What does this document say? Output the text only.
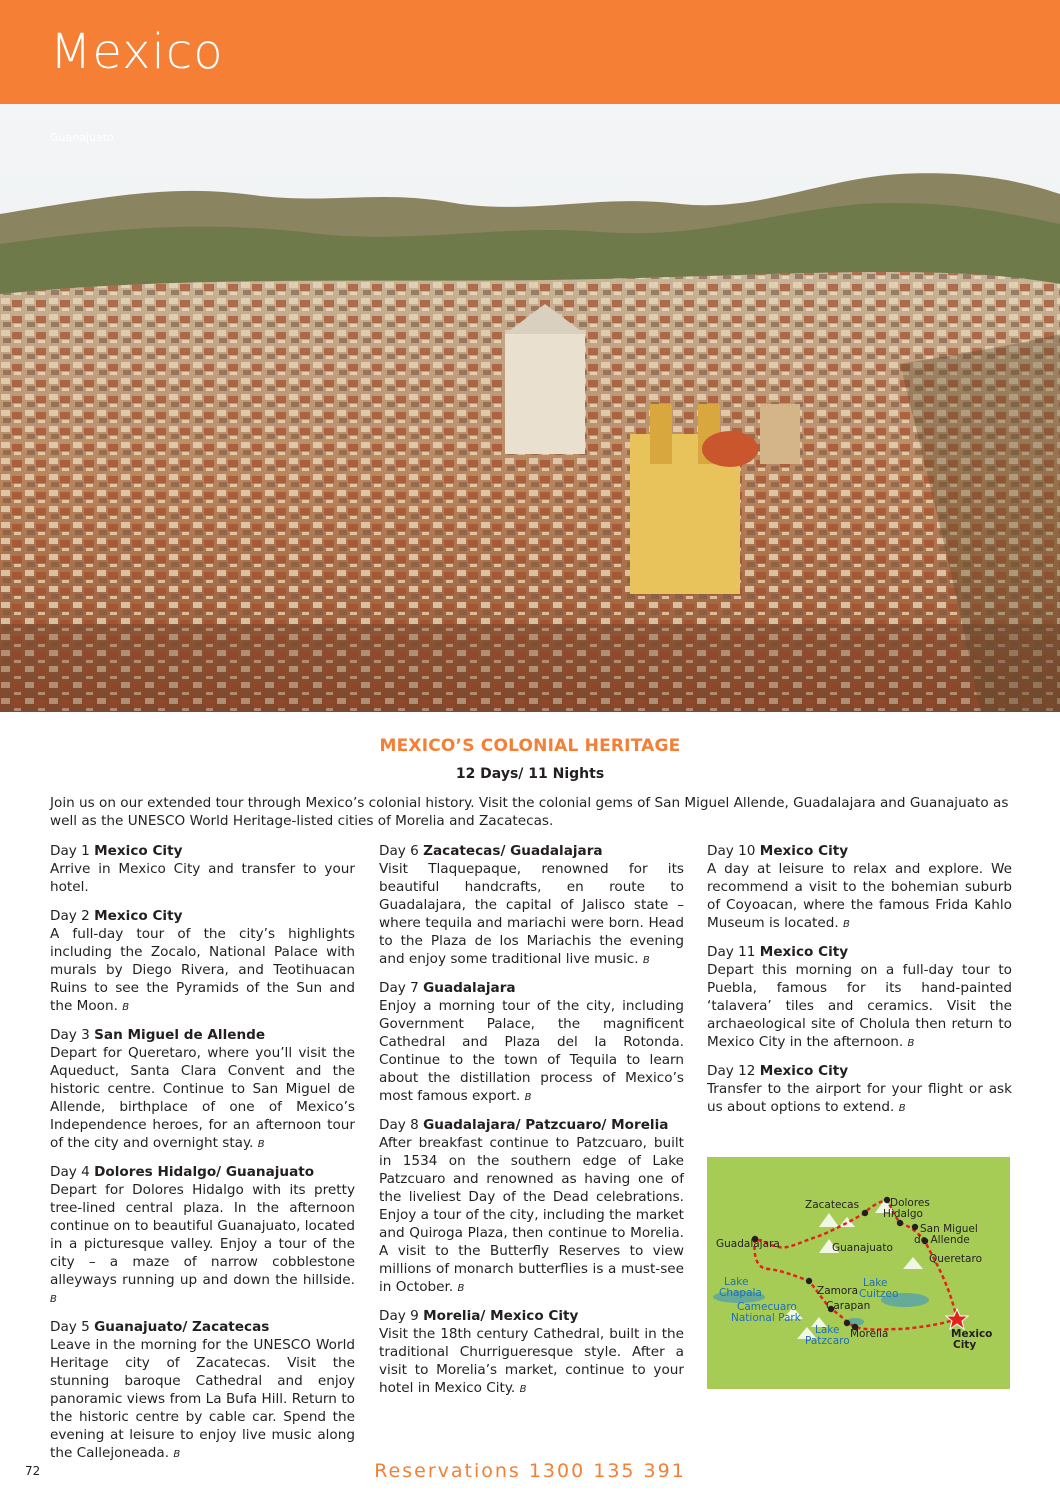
Mexico
Guanajuato
MEXICO’S COLONIAL HERITAGE
12 Days/ 11 Nights
Join us on our extended tour through Mexico’s colonial history. Visit the colonial gems of San Miguel Allende, Guadalajara and Guanajuato as well as the UNESCO World Heritage-listed cities of Morelia and Zacatecas.

Day 1 Mexico City

Arrive in Mexico City and transfer to your hotel.

Day 2 Mexico City

A full-day tour of the city’s highlights including the Zocalo, National Palace with murals by Diego Rivera, and Teotihuacan Ruins to see the Pyramids of the Sun and the Moon. B

Day 3 San Miguel de Allende

Depart for Queretaro, where you’ll visit the Aqueduct, Santa Clara Convent and the historic centre. Continue to San Miguel de Allende, birthplace of one of Mexico’s Independence heroes, for an afternoon tour of the city and overnight stay. B

Day 4 Dolores Hidalgo/ Guanajuato

Depart for Dolores Hidalgo with its pretty tree-lined central plaza. In the afternoon continue on to beautiful Guanajuato, located in a picturesque valley. Enjoy a tour of the city – a maze of narrow cobblestone alleyways running up and down the hillside. B

Day 5 Guanajuato/ Zacatecas

Leave in the morning for the UNESCO World Heritage city of Zacatecas. Visit the stunning baroque Cathedral and enjoy panoramic views from La Bufa Hill. Return to the historic centre by cable car. Spend the evening at leisure to enjoy live music along the Callejoneada. B

Day 6 Zacatecas/ Guadalajara

Visit Tlaquepaque, renowned for its beautiful handcrafts, en route to Guadalajara, the capital of Jalisco state – where tequila and mariachi were born. Head to the Plaza de los Mariachis the evening and enjoy some traditional live music. B

Day 7 Guadalajara

Enjoy a morning tour of the city, including Government Palace, the magnificent Cathedral and Plaza del la Rotonda. Continue to the town of Tequila to learn about the distillation process of Mexico’s most famous export. B

Day 8 Guadalajara/ Patzcuaro/ Morelia

After breakfast continue to Patzcuaro, built in 1534 on the southern edge of Lake Patzcuaro and renowned as having one of the liveliest Day of the Dead celebrations. Enjoy a tour of the city, including the market and Quiroga Plaza, then continue to Morelia. A visit to the Butterfly Reserves to view millions of monarch butterflies is a must-see in October. B

Day 9 Morelia/ Mexico City

Visit the 18th century Cathedral, built in the traditional Churrigueresque style. After a visit to Morelia’s market, continue to your hotel in Mexico City. B

Day 10 Mexico City

A day at leisure to relax and explore. We recommend a visit to the bohemian suburb of Coyoacan, where the famous Frida Kahlo Museum is located. B

Day 11 Mexico City

Depart this morning on a full-day tour to Puebla, famous for its hand-painted ‘talavera’ tiles and ceramics. Visit the archaeological site of Cholula then return to Mexico City in the afternoon. B

Day 12 Mexico City

Transfer to the airport for your flight or ask us about options to extend. B

Zacatecas	Dolores
Hidalgo
San Miguel
de Allende
Guadalajara	Guanajuato
Queretaro
Zamora
Carapan
Morelia	Mexico
City
Lake
Chapala
Lake
Cuitzeo
Camecuaro
National Park
Lake
Patzcaro
72	Reservations 1300 135 391
